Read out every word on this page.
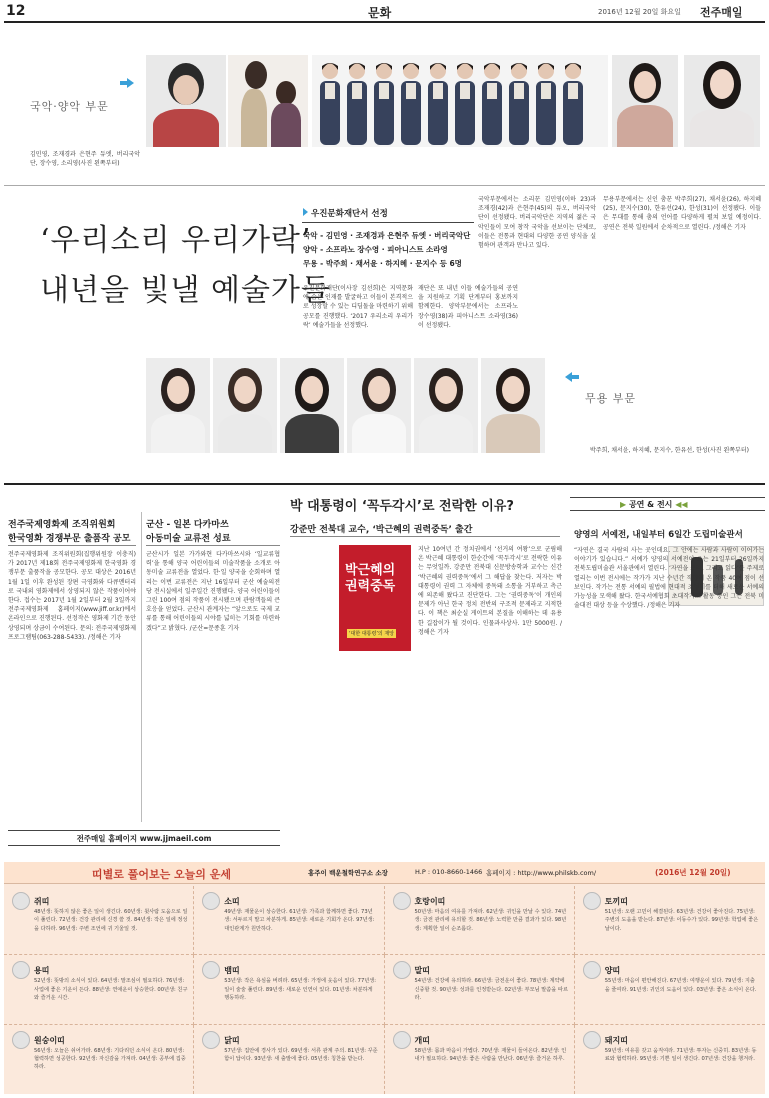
12	문화	2016년 12월 20일 화요일 전주매일
국악·양악 부문
김민영, 조재경과 은현주 듀엣, 버리국악단, 장수영, 소리영(사진 왼쪽부터)
‘우리소리 우리가락’
내년을 빛낼 예술가들
우진문화재단서 선정
국악 - 김민영 · 조재경과 은현주 듀엣 · 버리국악단
양악 - 소프라노 장수영 · 피아니스트 소라영
무용 - 박주희 · 채서윤 · 하지혜 · 문지수 등 6명
우진문화재단(이사장 김선희)은 지역문화에 숨은 인재를 발굴하고 이들이 본격적으로 성장할 수 있는 디딤돌을 마련하기 위해 공모를 진행했다. ‘2017 우리소리 우리가락’ 예술가들을 선정했다.
재단은 또 내년 이들 예술가들의 공연을 지원하고 기획 단계부터 홍보까지 함께한다. 양악부문에서는 소프라노 장수영(38)과 피아니스트 소라영(36)이 선정됐다.
국악부문에서는 소리꾼 김민영(이하 23)과 조재경(42)과 은현주(45)의 듀오, 버리국악단이 선정됐다. 버리국악단은 지역의 젊은 국악인들이 모여 창작 국악을 선보이는 단체로, 이들은 전통과 현대의 다양한 공연 양식을 실험하며 관객과 만나고 있다.
무용부문에서는 신인 춤꾼 박주희(27), 채서윤(26), 하지혜(25), 문지수(30), 한유선(24), 한성(31)이 선정됐다. 이들은 무대를 통해 춤의 언어를 다양하게 펼쳐 보일 예정이다. 공연은 전북 일원에서 순차적으로 열린다. /정해은 기자
무용 부문
박주희, 채서윤, 하지혜, 문지수, 한유선, 한성(사진 왼쪽부터)
전주국제영화제 조직위원회
한국영화 경쟁부문 출품작 공모
전주국제영화제 조직위원회(집행위원장 이충직)가 2017년 제18회 전주국제영화제 한국영화 경쟁부문 출품작을 공모한다. 공모 대상은 2016년 1월 1일 이후 완성된 장편 극영화와 다큐멘터리로 국내외 영화제에서 상영되지 않은 작품이어야 한다. 접수는 2017년 1월 2일부터 2월 3일까지 전주국제영화제 홈페이지(www.jiff.or.kr)에서 온라인으로 진행된다. 선정작은 영화제 기간 동안 상영되며 상금이 수여된다. 문의: 전주국제영화제 프로그램팀(063-288-5433). /정해은 기자
군산 - 일본 다카마쓰
아동미술 교류전 성료
군산시가 일본 가가와현 다카마쓰시와 ‘일교류협력’을 통해 양국 어린이들의 미술작품을 소개로 아동미술 교류전을 열었다. 한·일 양국을 순회하며 열리는 이번 교류전은 지난 16일부터 군산 예술의전당 전시실에서 일주일간 진행됐다. 양국 어린이들이 그린 100여 점의 작품이 전시됐으며 관람객들의 큰 호응을 얻었다. 군산시 관계자는 “앞으로도 국제 교류를 통해 어린이들의 시야를 넓히는 기회를 마련하겠다”고 밝혔다. /군산=문종훈 기자
전주매일 홈페이지 www.jjmaeil.com
박 대통령이 ‘꼭두각시’로 전락한 이유?
강준만 전북대 교수, ‘박근혜의 권력중독’ 출간
박근혜의 권력중독
‘대한 대통령’의 재앙
지난 10여년 간 정치권에서 ‘선거의 여왕’으로 군림해온 박근혜 대통령이 한순간에 ‘꼭두각시’로 전락한 이유는 무엇일까. 강준만 전북대 신문방송학과 교수는 신간 ‘박근혜의 권력중독’에서 그 해답을 찾는다. 저자는 박 대통령이 권력 그 자체에 중독돼 소통을 거부하고 측근에 의존해 왔다고 진단한다. 그는 ‘권력중독’이 개인의 문제가 아닌 한국 정치 전반의 구조적 문제라고 지적한다. 이 책은 최순실 게이트의 본질을 이해하는 데 유용한 길잡이가 될 것이다. 인물과사상사. 1만 5000원. /정해은 기자
▶ 공연 & 전시 ◀◀
양영의 서예전, 내일부터 6일간 도립미술관서
“자연은 결국 사람의 사는 곳인데요. 그 안에는 사람과 사람이 이어가는 이야기가 있습니다.” 서예가 양영의 서예전이 오는 21일부터 26일까지 전북도립미술관 서울관에서 열린다. ‘자연을 쓰다, 그리고 읽다’를 주제로 열리는 이번 전시에는 작가가 지난 수년간 작업해 온 작품 40여 점이 선보인다. 작가는 전통 서예의 필법에 현대적 조형미를 더해 새로운 서예의 가능성을 모색해 왔다. 한국서예협회 초대작가로 활동 중인 그는 전북 미술대전 대상 등을 수상했다. /정해은 기자
띠별로 풀어보는 오늘의 운세	홍주이 백운철학연구소 소장	H.P : 010-8660-1466 홈페이지 : http://www.philskb.com/	(2016년 12월 20일)
쥐띠
48년생: 뜻하지 않은 좋은 일이 생긴다. 60년생: 윗사람 도움으로 일이 풀린다. 72년생: 건강 관리에 신경 쓸 것. 84년생: 작은 일에 정성을 다하라. 96년생: 주변 조언에 귀 기울일 것.
소띠
49년생: 재물운이 상승한다. 61년생: 가족과 함께하면 좋다. 73년생: 서두르지 말고 차분하게. 85년생: 새로운 기회가 온다. 97년생: 대인관계가 원만하다.
호랑이띠
50년생: 마음의 여유를 가져라. 62년생: 귀인을 만날 수 있다. 74년생: 금전 관리에 유의할 것. 86년생: 노력한 만큼 결과가 있다. 98년생: 계획한 일이 순조롭다.
토끼띠
51년생: 오랜 고민이 해결된다. 63년생: 건강이 좋아진다. 75년생: 주변의 도움을 받는다. 87년생: 이동수가 있다. 99년생: 학업에 좋은 날이다.
용띠
52년생: 뜻밖의 소식이 있다. 64년생: 말조심이 필요하다. 76년생: 사업에 좋은 기운이 든다. 88년생: 연애운이 상승한다. 00년생: 친구와 즐거운 시간.
뱀띠
53년생: 작은 욕심을 버려라. 65년생: 가정에 웃음이 있다. 77년생: 일이 술술 풀린다. 89년생: 새로운 인연이 있다. 01년생: 차분하게 행동하라.
말띠
54년생: 건강에 유의하라. 66년생: 금전운이 좋다. 78년생: 계약에 신중할 것. 90년생: 성과를 인정받는다. 02년생: 부모님 말씀을 따르라.
양띠
55년생: 마음이 편안해진다. 67년생: 여행운이 있다. 79년생: 지출을 줄여라. 91년생: 귀인의 도움이 있다. 03년생: 좋은 소식이 온다.
원숭이띠
56년생: 오늘은 쉬어가라. 68년생: 기다리던 소식이 온다. 80년생: 협력하면 성공한다. 92년생: 자신감을 가져라. 04년생: 공부에 집중하라.
닭띠
57년생: 집안에 경사가 있다. 69년생: 서류 관계 주의. 81년생: 꾸준함이 답이다. 93년생: 새 출발에 좋다. 05년생: 칭찬을 받는다.
개띠
58년생: 몸과 마음이 가볍다. 70년생: 재물이 들어온다. 82년생: 인내가 필요하다. 94년생: 좋은 사람을 만난다. 06년생: 즐거운 하루.
돼지띠
59년생: 여유를 갖고 움직여라. 71년생: 투자는 신중히. 83년생: 동료와 협력하라. 95년생: 기쁜 일이 생긴다. 07년생: 건강을 챙겨라.
